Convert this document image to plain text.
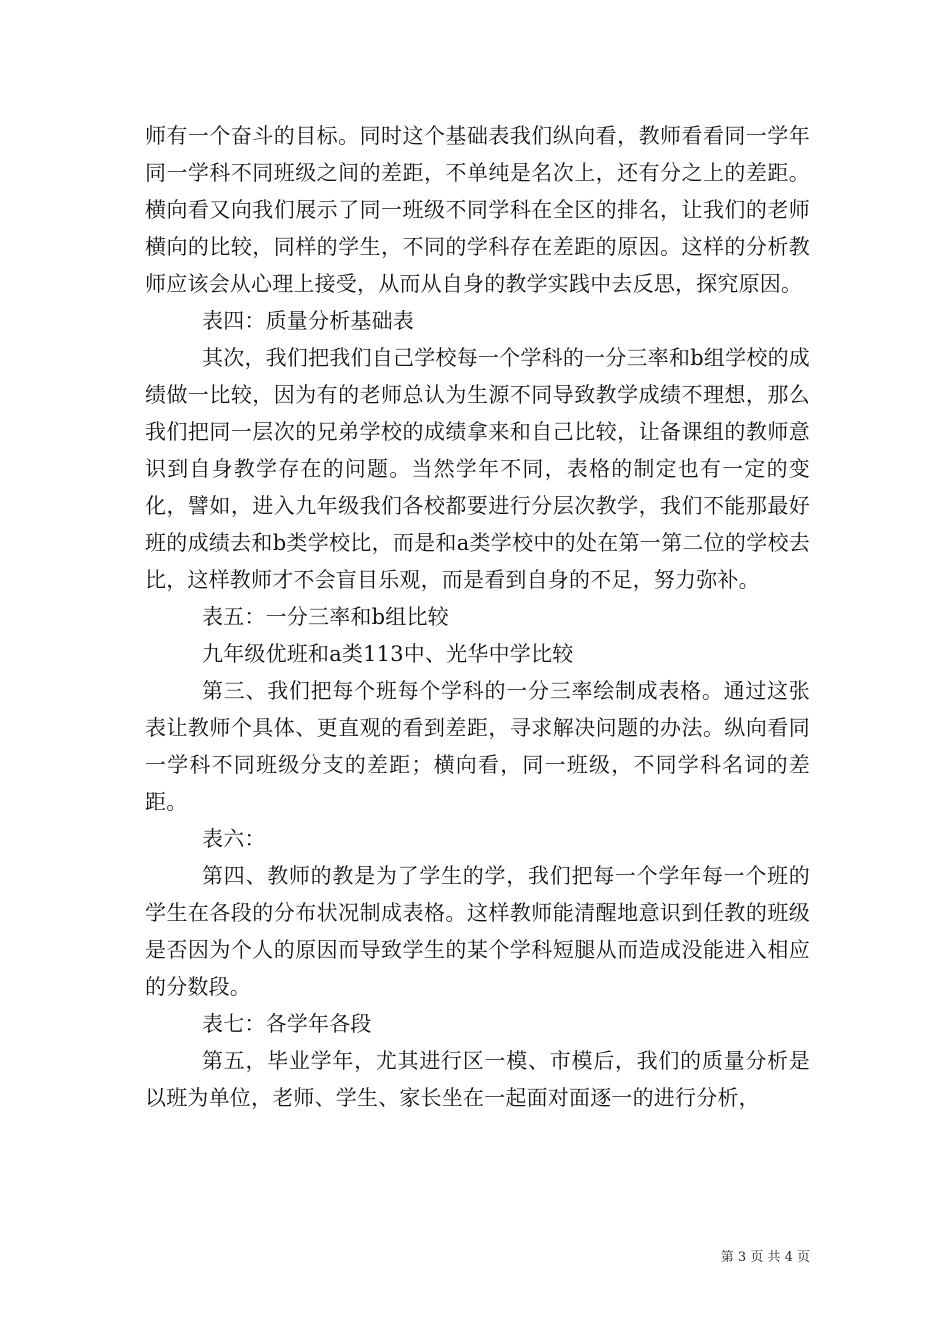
师有一个奋斗的目标。同时这个基础表我们纵向看，教师看看同一学年同一学科不同班级之间的差距，不单纯是名次上，还有分之上的差距。横向看又向我们展示了同一班级不同学科在全区的排名，让我们的老师横向的比较，同样的学生，不同的学科存在差距的原因。这样的分析教师应该会从心理上接受，从而从自身的教学实践中去反思，探究原因。

表四：质量分析基础表

其次，我们把我们自己学校每一个学科的一分三率和b组学校的成绩做一比较，因为有的老师总认为生源不同导致教学成绩不理想，那么我们把同一层次的兄弟学校的成绩拿来和自己比较，让备课组的教师意识到自身教学存在的问题。当然学年不同，表格的制定也有一定的变化，譬如，进入九年级我们各校都要进行分层次教学，我们不能那最好班的成绩去和b类学校比，而是和a类学校中的处在第一第二位的学校去比，这样教师才不会盲目乐观，而是看到自身的不足，努力弥补。

表五：一分三率和b组比较

九年级优班和a类113中、光华中学比较

第三、我们把每个班每个学科的一分三率绘制成表格。通过这张表让教师个具体、更直观的看到差距，寻求解决问题的办法。纵向看同一学科不同班级分支的差距；横向看，同一班级，不同学科名词的差距。

表六：

第四、教师的教是为了学生的学，我们把每一个学年每一个班的学生在各段的分布状况制成表格。这样教师能清醒地意识到任教的班级是否因为个人的原因而导致学生的某个学科短腿从而造成没能进入相应的分数段。

表七：各学年各段

第五，毕业学年，尤其进行区一模、市模后，我们的质量分析是以班为单位，老师、学生、家长坐在一起面对面逐一的进行分析，

第 3 页 共 4 页
